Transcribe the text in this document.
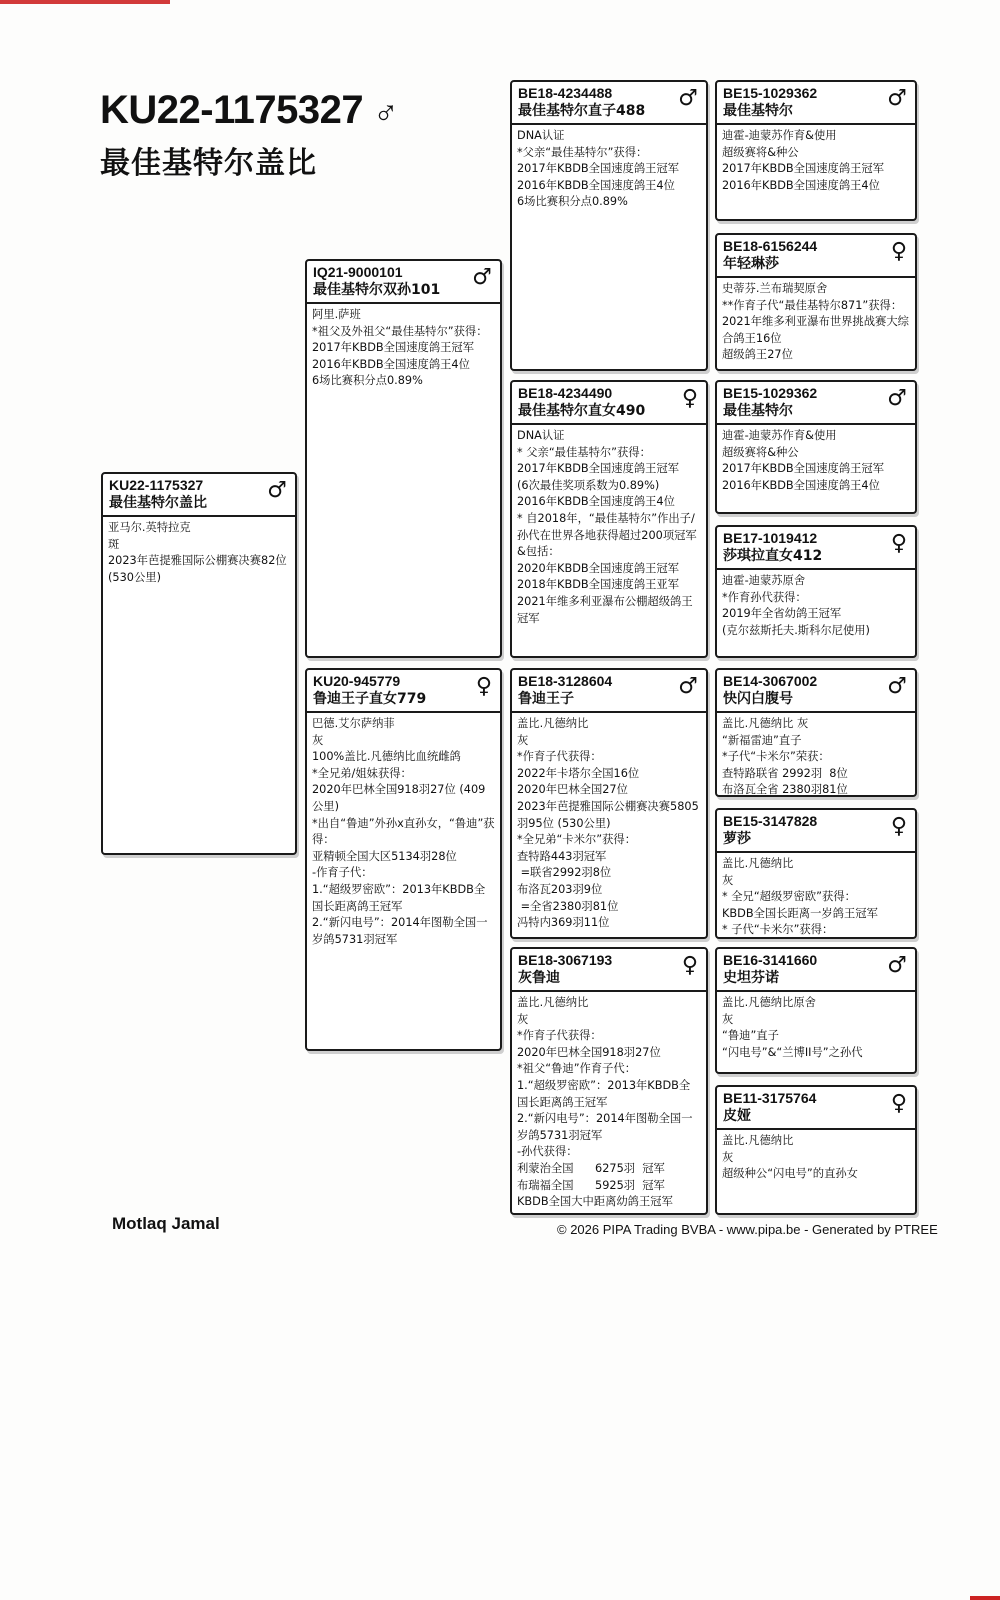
KU22-1175327 ♂
最佳基特尔盖比
KU22-1175327
最佳基特尔盖比	♂
亚马尔.英特拉克
斑
2023年芭提雅国际公棚赛决赛82位
(530公里)
IQ21-9000101
最佳基特尔双孙101	♂
阿里.萨班
*祖父及外祖父“最佳基特尔”获得：
2017年KBDB全国速度鸽王冠军
2016年KBDB全国速度鸽王4位
6场比赛积分点0.89%
KU20-945779
鲁迪王子直女779	♀
巴德.艾尔萨纳菲
灰
100%盖比.凡德纳比血统雌鸽
*全兄弟/姐妹获得：
2020年巴林全国918羽27位 (409公里)
*出自“鲁迪”外孙x直孙女，“鲁迪”获得：
亚精顿全国大区5134羽28位
-作育子代：
1.“超级罗密欧”：2013年KBDB全国长距离鸽王冠军
2.“新闪电号”：2014年图勒全国一岁鸽5731羽冠军
BE18-4234488
最佳基特尔直子488	♂
DNA认证
*父亲“最佳基特尔”获得：
2017年KBDB全国速度鸽王冠军
2016年KBDB全国速度鸽王4位
6场比赛积分点0.89%
BE18-4234490
最佳基特尔直女490	♀
DNA认证
* 父亲“最佳基特尔”获得：
2017年KBDB全国速度鸽王冠军
(6次最佳奖项系数为0.89%)
2016年KBDB全国速度鸽王4位
* 自2018年，“最佳基特尔”作出子/孙代在世界各地获得超过200项冠军&包括：
2020年KBDB全国速度鸽王冠军
2018年KBDB全国速度鸽王亚军
2021年维多利亚瀑布公棚超级鸽王冠军
BE18-3128604
鲁迪王子	♂
盖比.凡德纳比
灰
*作育子代获得：
2022年卡塔尔全国16位
2020年巴林全国27位
2023年芭提雅国际公棚赛决赛5805羽95位 (530公里)
*全兄弟“卡米尔”获得：
查特路443羽冠军
=联省2992羽8位
布洛瓦203羽9位
=全省2380羽81位
冯特内369羽11位
BE18-3067193
灰鲁迪	♀
盖比.凡德纳比
灰
*作育子代获得：
2020年巴林全国918羽27位
*祖父“鲁迪”作育子代：
1.“超级罗密欧”：2013年KBDB全国长距离鸽王冠军
2.“新闪电号”：2014年图勒全国一岁鸽5731羽冠军
-孙代获得：
利蒙治全国      6275羽  冠军
布瑞福全国      5925羽  冠军
KBDB全国大中距离幼鸽王冠军
BE15-1029362
最佳基特尔	♂
迪霍-迪蒙苏作育&使用
超级赛将&种公
2017年KBDB全国速度鸽王冠军
2016年KBDB全国速度鸽王4位
BE18-6156244
年轻琳莎	♀
史蒂芬.兰布瑞契原舍
**作育子代“最佳基特尔871”获得：
2021年维多利亚瀑布世界挑战赛大综合鸽王16位
超级鸽王27位
BE15-1029362
最佳基特尔	♂
迪霍-迪蒙苏作育&使用
超级赛将&种公
2017年KBDB全国速度鸽王冠军
2016年KBDB全国速度鸽王4位
BE17-1019412
莎琪拉直女412	♀
迪霍-迪蒙苏原舍
*作育孙代获得：
2019年全省幼鸽王冠军
(克尔兹斯托夫.斯科尔尼使用)
BE14-3067002
快闪白腹号	♂
盖比.凡德纳比 灰
“新福雷迪”直子
*子代“卡米尔”荣获：
查特路联省 2992羽  8位
布洛瓦全省 2380羽81位
BE15-3147828
萝莎	♀
盖比.凡德纳比
灰
* 全兄“超级罗密欧”获得：
KBDB全国长距离一岁鸽王冠军
* 子代“卡米尔”获得：
BE16-3141660
史坦芬诺	♂
盖比.凡德纳比原舍
灰
“鲁迪”直子
“闪电号”&“兰博II号”之孙代
BE11-3175764
皮娅	♀
盖比.凡德纳比
灰
超级种公“闪电号”的直孙女
Motlaq Jamal	© 2026 PIPA Trading BVBA - www.pipa.be - Generated by PTREE
